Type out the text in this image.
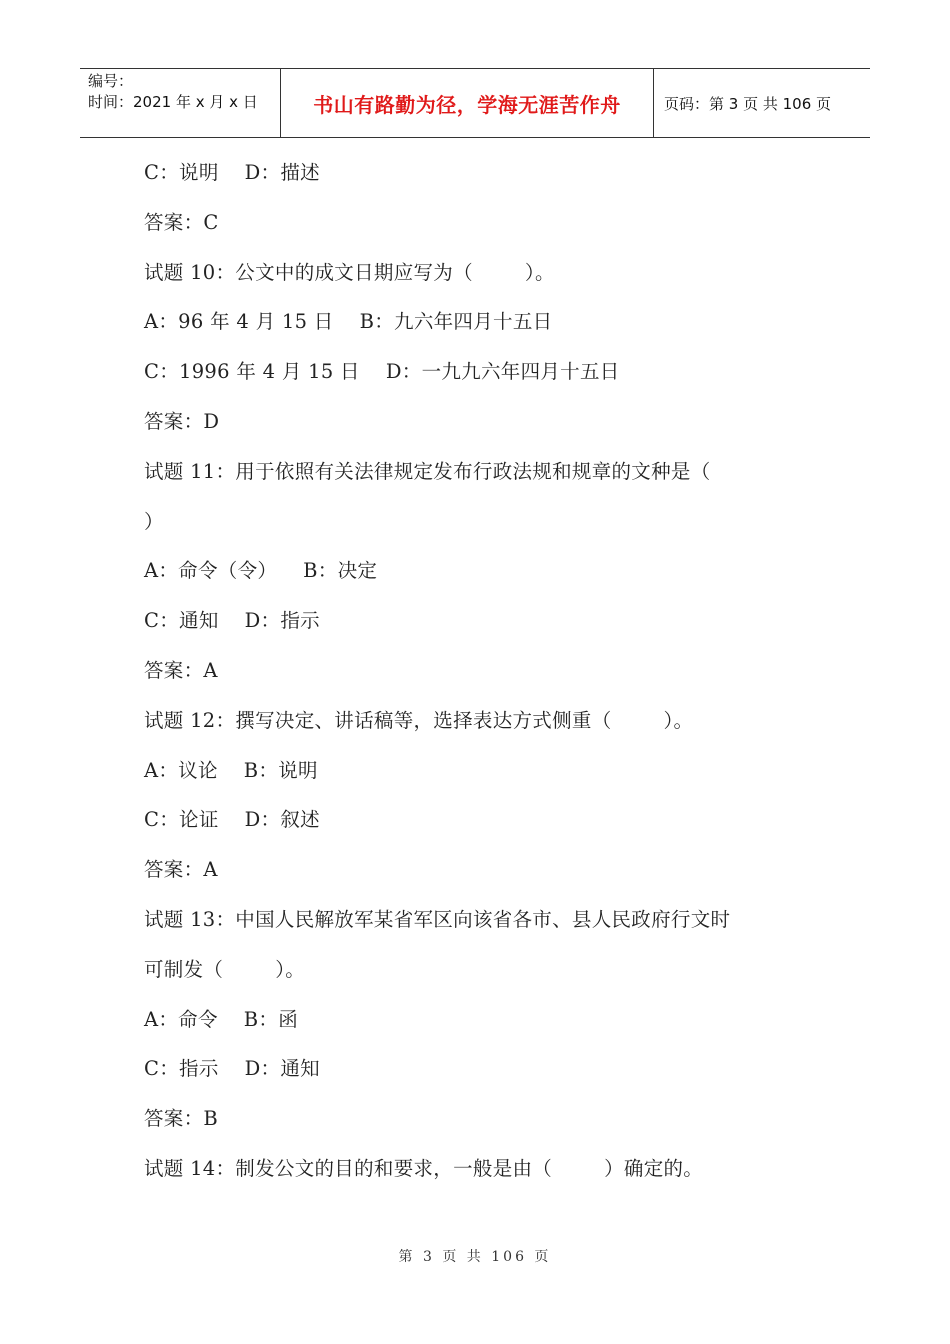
编号：
时间：2021 年 x 月 x 日	书山有路勤为径，学海无涯苦作舟	页码：第 3 页 共 106 页
C：说明    D：描述
答案：C
试题 10：公文中的成文日期应写为（        ）。
A：96 年 4 月 15 日    B：九六年四月十五日
C：1996 年 4 月 15 日    D：一九九六年四月十五日
答案：D
试题 11：用于依照有关法律规定发布行政法规和规章的文种是（
）
A：命令（令）    B：决定
C：通知    D：指示
答案：A
试题 12：撰写决定、讲话稿等，选择表达方式侧重（        ）。
A：议论    B：说明
C：论证    D：叙述
答案：A
试题 13：中国人民解放军某省军区向该省各市、县人民政府行文时
可制发（        ）。
A：命令    B：函
C：指示    D：通知
答案：B
试题 14：制发公文的目的和要求，一般是由（        ）确定的。
第 3 页 共 106 页
